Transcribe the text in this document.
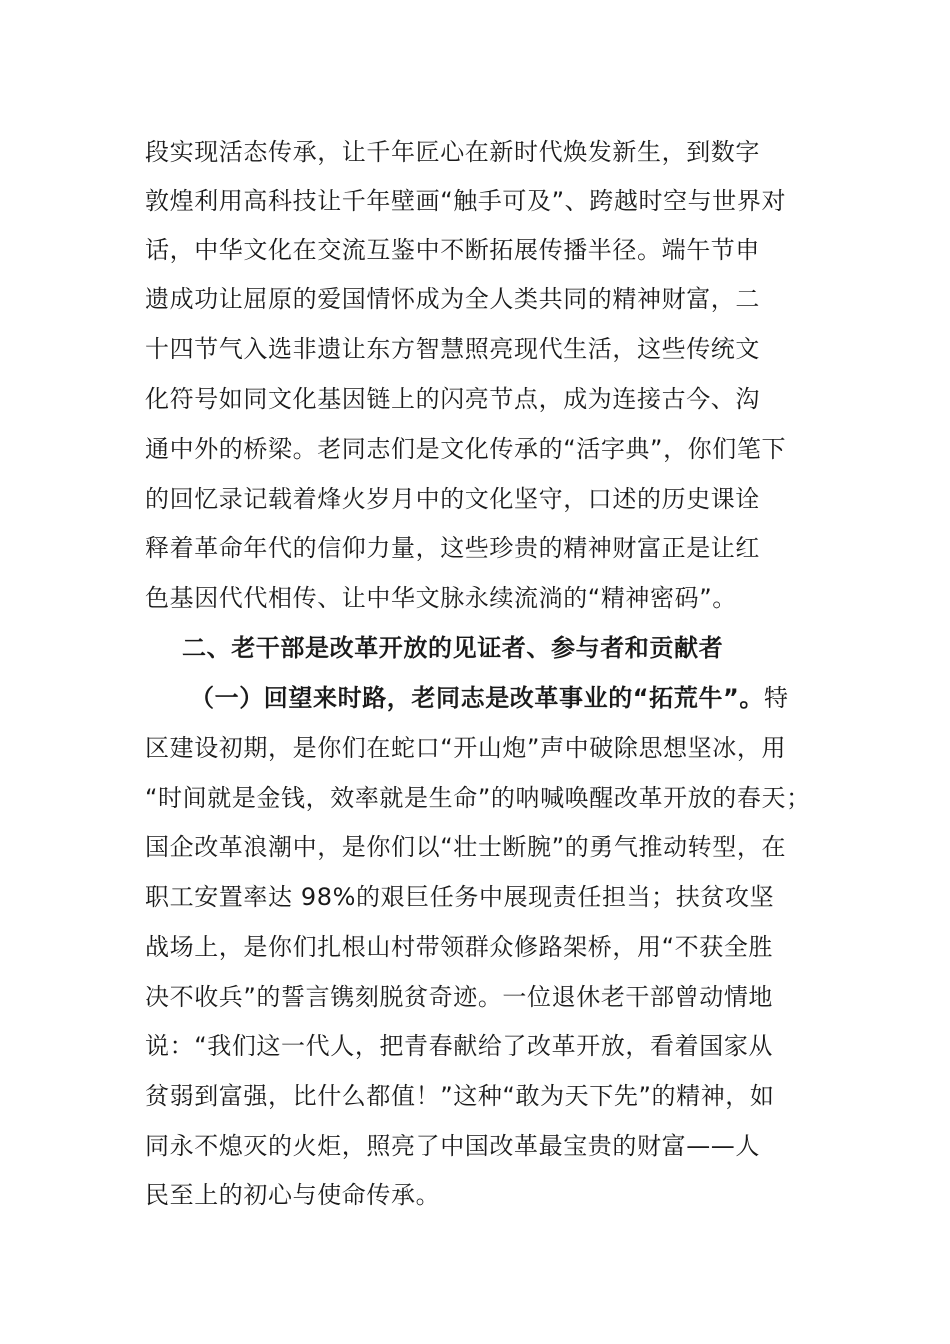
段实现活态传承，让千年匠心在新时代焕发新生，到数字
敦煌利用高科技让千年壁画“触手可及”、跨越时空与世界对
话，中华文化在交流互鉴中不断拓展传播半径。端午节申
遗成功让屈原的爱国情怀成为全人类共同的精神财富，二
十四节气入选非遗让东方智慧照亮现代生活，这些传统文
化符号如同文化基因链上的闪亮节点，成为连接古今、沟
通中外的桥梁。老同志们是文化传承的“活字典”，你们笔下
的回忆录记载着烽火岁月中的文化坚守，口述的历史课诠
释着革命年代的信仰力量，这些珍贵的精神财富正是让红
色基因代代相传、让中华文脉永续流淌的“精神密码”。
二、老干部是改革开放的见证者、参与者和贡献者
（一）回望来时路，老同志是改革事业的“拓荒牛”。特
区建设初期，是你们在蛇口“开山炮”声中破除思想坚冰，用
“时间就是金钱，效率就是生命”的呐喊唤醒改革开放的春天；
国企改革浪潮中，是你们以“壮士断腕”的勇气推动转型，在
职工安置率达 98%的艰巨任务中展现责任担当；扶贫攻坚
战场上，是你们扎根山村带领群众修路架桥，用“不获全胜
决不收兵”的誓言镌刻脱贫奇迹。一位退休老干部曾动情地
说：“我们这一代人，把青春献给了改革开放，看着国家从
贫弱到富强，比什么都值！”这种“敢为天下先”的精神，如
同永不熄灭的火炬，照亮了中国改革最宝贵的财富——人
民至上的初心与使命传承。
